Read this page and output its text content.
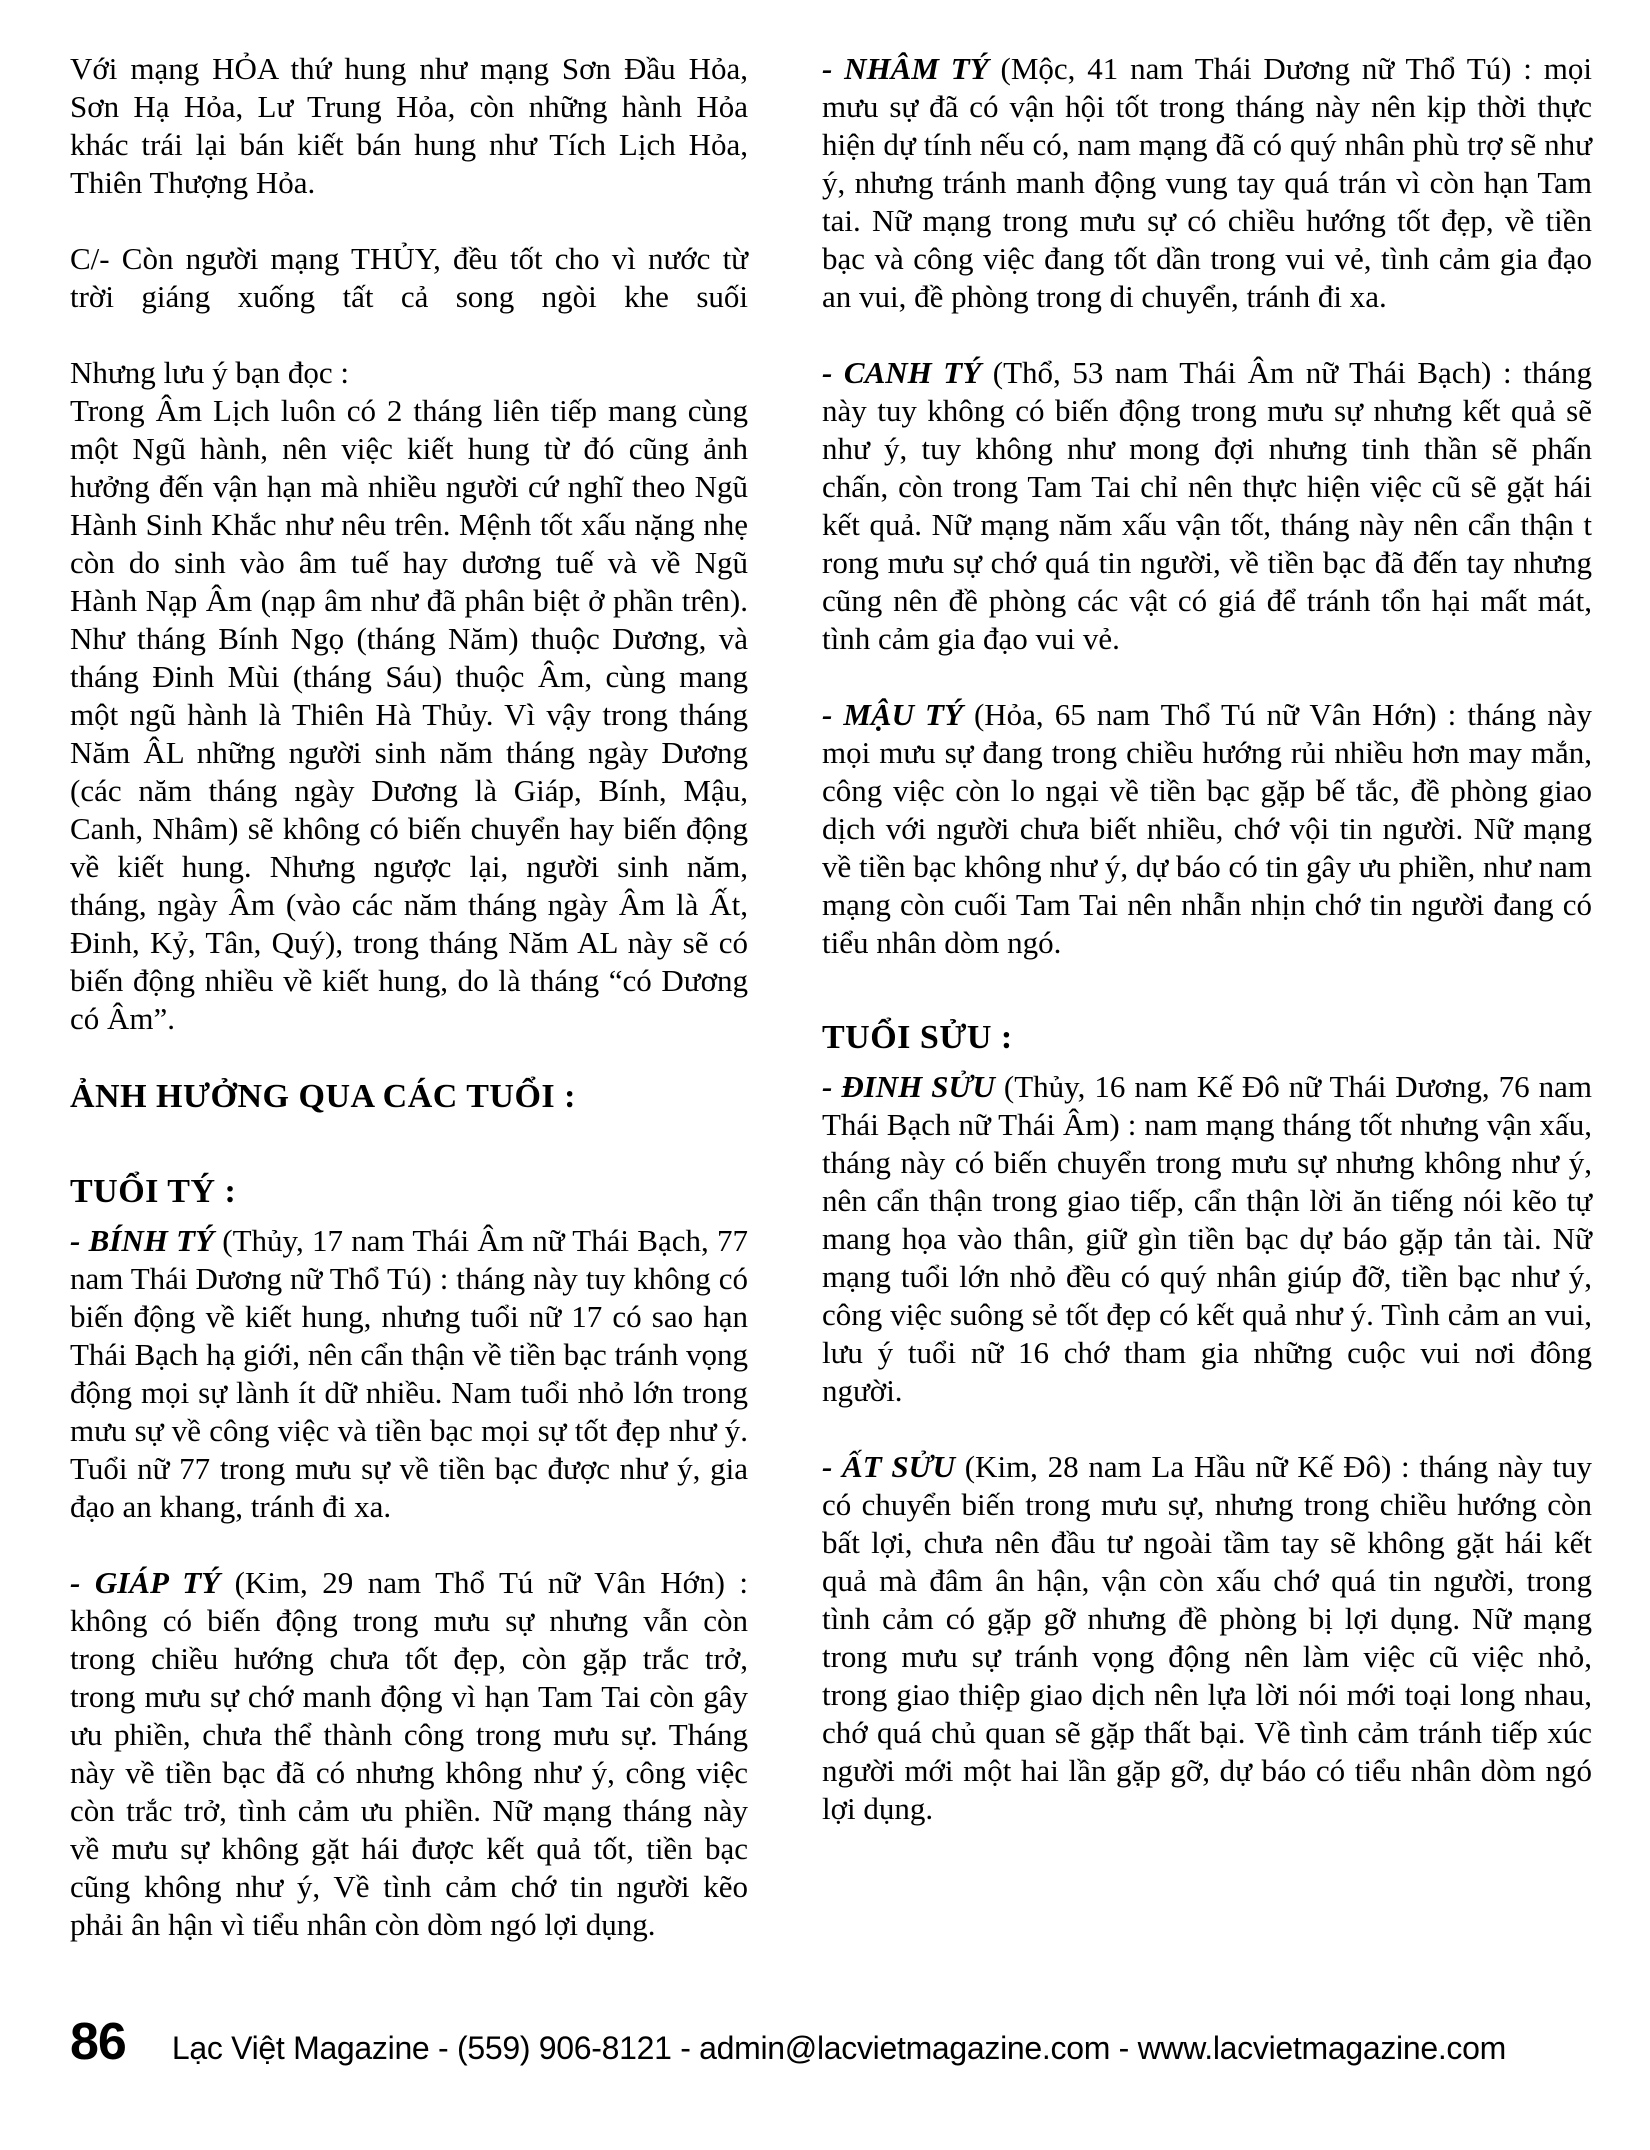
Với mạng HỎA thứ hung như mạng Sơn Đầu Hỏa, Sơn Hạ Hỏa, Lư Trung Hỏa, còn những hành Hỏa khác trái lại bán kiết bán hung như Tích Lịch Hỏa, Thiên Thượng Hỏa.

C/- Còn người mạng THỦY, đều tốt cho vì nước từ trời giáng xuống tất cả song ngòi khe suối

Nhưng lưu ý bạn đọc :

Trong Âm Lịch luôn có 2 tháng liên tiếp mang cùng một Ngũ hành, nên việc kiết hung từ đó cũng ảnh hưởng đến vận hạn mà nhiều người cứ nghĩ theo Ngũ Hành Sinh Khắc như nêu trên. Mệnh tốt xấu nặng nhẹ còn do sinh vào âm tuế hay dương tuế và về Ngũ Hành Nạp Âm (nạp âm như đã phân biệt ở phần trên). Như tháng Bính Ngọ (tháng Năm) thuộc Dương, và tháng Đinh Mùi (tháng Sáu) thuộc Âm, cùng mang một ngũ hành là Thiên Hà Thủy. Vì vậy trong tháng Năm ÂL những người sinh năm tháng ngày Dương (các năm tháng ngày Dương là Giáp, Bính, Mậu, Canh, Nhâm) sẽ không có biến chuyển hay biến động về kiết hung. Nhưng ngược lại, người sinh năm, tháng, ngày Âm (vào các năm tháng ngày Âm là Ất, Đinh, Kỷ, Tân, Quý), trong tháng Năm AL này sẽ có biến động nhiều về kiết hung, do là tháng “có Dương có Âm”.

ẢNH HƯỞNG QUA CÁC TUỔI :
TUỔI TÝ :

- BÍNH TÝ (Thủy, 17 nam Thái Âm nữ Thái Bạch, 77 nam Thái Dương nữ Thổ Tú) : tháng này tuy không có biến động về kiết hung, nhưng tuổi nữ 17 có sao hạn Thái Bạch hạ giới, nên cẩn thận về tiền bạc tránh vọng động mọi sự lành ít dữ nhiều. Nam tuổi nhỏ lớn trong mưu sự về công việc và tiền bạc mọi sự tốt đẹp như ý. Tuổi nữ 77 trong mưu sự về tiền bạc được như ý, gia đạo an khang, tránh đi xa.

- GIÁP TÝ (Kim, 29 nam Thổ Tú nữ Vân Hớn) : không có biến động trong mưu sự nhưng vẫn còn trong chiều hướng chưa tốt đẹp, còn gặp trắc trở, trong mưu sự chớ manh động vì hạn Tam Tai còn gây ưu phiền, chưa thể thành công trong mưu sự. Tháng này về tiền bạc đã có nhưng không như ý, công việc còn trắc trở, tình cảm ưu phiền. Nữ mạng tháng này về mưu sự không gặt hái được kết quả tốt, tiền bạc cũng không như ý, Về tình cảm chớ tin người kẽo phải ân hận vì tiểu nhân còn dòm ngó lợi dụng.

- NHÂM TÝ (Mộc, 41 nam Thái Dương nữ Thổ Tú) : mọi mưu sự đã có vận hội tốt trong tháng này nên kịp thời thực hiện dự tính nếu có, nam mạng đã có quý nhân phù trợ sẽ như ý, nhưng tránh manh động vung tay quá trán vì còn hạn Tam tai. Nữ mạng trong mưu sự có chiều hướng tốt đẹp, về tiền bạc và công việc đang tốt dần trong vui vẻ, tình cảm gia đạo an vui, đề phòng trong di chuyển, tránh đi xa.

- CANH TÝ (Thổ, 53 nam Thái Âm nữ Thái Bạch) : tháng này tuy không có biến động trong mưu sự nhưng kết quả sẽ như ý, tuy không như mong đợi nhưng tinh thần sẽ phấn chấn, còn trong Tam Tai chỉ nên thực hiện việc cũ sẽ gặt hái kết quả. Nữ mạng năm xấu vận tốt, tháng này nên cẩn thận t rong mưu sự chớ quá tin người, về tiền bạc đã đến tay nhưng cũng nên đề phòng các vật có giá để tránh tổn hại mất mát, tình cảm gia đạo vui vẻ.

- MẬU TÝ (Hỏa, 65 nam Thổ Tú nữ Vân Hớn) : tháng này mọi mưu sự đang trong chiều hướng rủi nhiều hơn may mắn, công việc còn lo ngại về tiền bạc gặp bế tắc, đề phòng giao dịch với người chưa biết nhiều, chớ vội tin người. Nữ mạng về tiền bạc không như ý, dự báo có tin gây ưu phiền, như nam mạng còn cuối Tam Tai nên nhẫn nhịn chớ tin người đang có tiểu nhân dòm ngó.

TUỔI SỬU :

- ĐINH SỬU (Thủy, 16 nam Kế Đô nữ Thái Dương, 76 nam Thái Bạch nữ Thái Âm) : nam mạng tháng tốt nhưng vận xấu, tháng này có biến chuyển trong mưu sự nhưng không như ý, nên cẩn thận trong giao tiếp, cẩn thận lời ăn tiếng nói kẽo tự mang họa vào thân, giữ gìn tiền bạc dự báo gặp tản tài. Nữ mạng tuổi lớn nhỏ đều có quý nhân giúp đỡ, tiền bạc như ý, công việc suông sẻ tốt đẹp có kết quả như ý. Tình cảm an vui, lưu ý tuổi nữ 16 chớ tham gia những cuộc vui nơi đông người.

- ẤT SỬU (Kim, 28 nam La Hầu nữ Kế Đô) : tháng này tuy có chuyển biến trong mưu sự, nhưng trong chiều hướng còn bất lợi, chưa nên đầu tư ngoài tầm tay sẽ không gặt hái kết quả mà đâm ân hận, vận còn xấu chớ quá tin người, trong tình cảm có gặp gỡ nhưng đề phòng bị lợi dụng. Nữ mạng trong mưu sự tránh vọng động nên làm việc cũ việc nhỏ, trong giao thiệp giao dịch nên lựa lời nói mới toại long nhau, chớ quá chủ quan sẽ gặp thất bại. Về tình cảm tránh tiếp xúc người mới một hai lần gặp gỡ, dự báo có tiểu nhân dòm ngó lợi dụng.

86 Lạc Việt Magazine - (559) 906-8121 - admin@lacvietmagazine.com - www.lacvietmagazine.com
